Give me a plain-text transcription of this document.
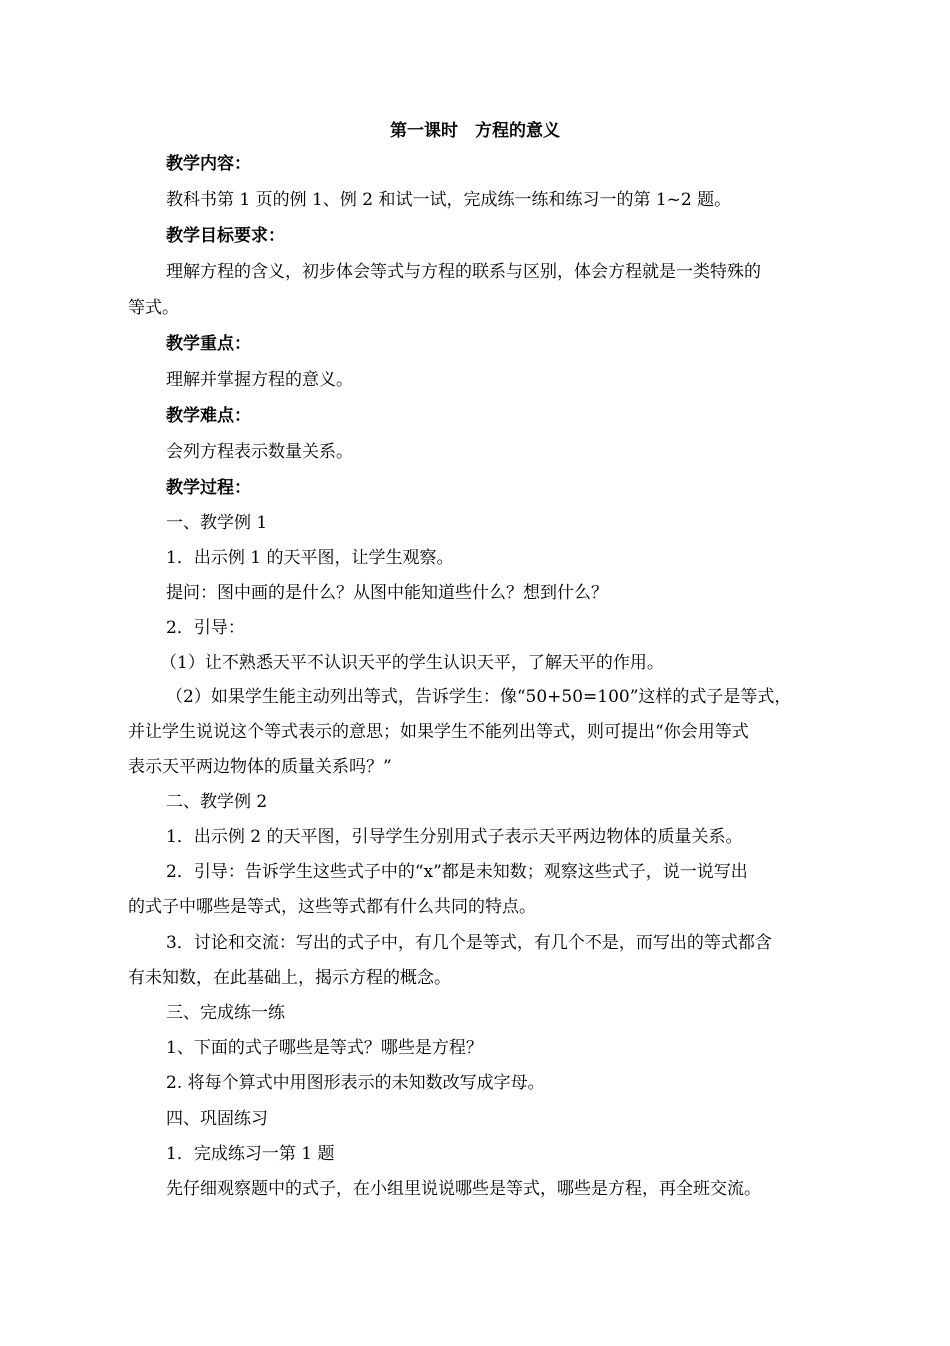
第一课时　方程的意义
教学内容：
教科书第 1 页的例 1、例 2 和试一试，完成练一练和练习一的第 1~2 题。
教学目标要求：
理解方程的含义，初步体会等式与方程的联系与区别，体会方程就是一类特殊的
等式。
教学重点：
理解并掌握方程的意义。
教学难点：
会列方程表示数量关系。
教学过程：
一、教学例 1
1．出示例 1 的天平图，让学生观察。
提问：图中画的是什么？从图中能知道些什么？想到什么？
2．引导：
（1）让不熟悉天平不认识天平的学生认识天平，了解天平的作用。
（2）如果学生能主动列出等式，告诉学生：像“50+50=100”这样的式子是等式，
并让学生说说这个等式表示的意思；如果学生不能列出等式，则可提出“你会用等式
表示天平两边物体的质量关系吗？”
二、教学例 2
1．出示例 2 的天平图，引导学生分别用式子表示天平两边物体的质量关系。
2．引导：告诉学生这些式子中的“x”都是未知数；观察这些式子，说一说写出
的式子中哪些是等式，这些等式都有什么共同的特点。
3．讨论和交流：写出的式子中，有几个是等式，有几个不是，而写出的等式都含
有未知数，在此基础上，揭示方程的概念。
三、完成练一练
1、下面的式子哪些是等式？哪些是方程？
2. 将每个算式中用图形表示的未知数改写成字母。
四、巩固练习
1．完成练习一第 1 题
先仔细观察题中的式子，在小组里说说哪些是等式，哪些是方程，再全班交流。
